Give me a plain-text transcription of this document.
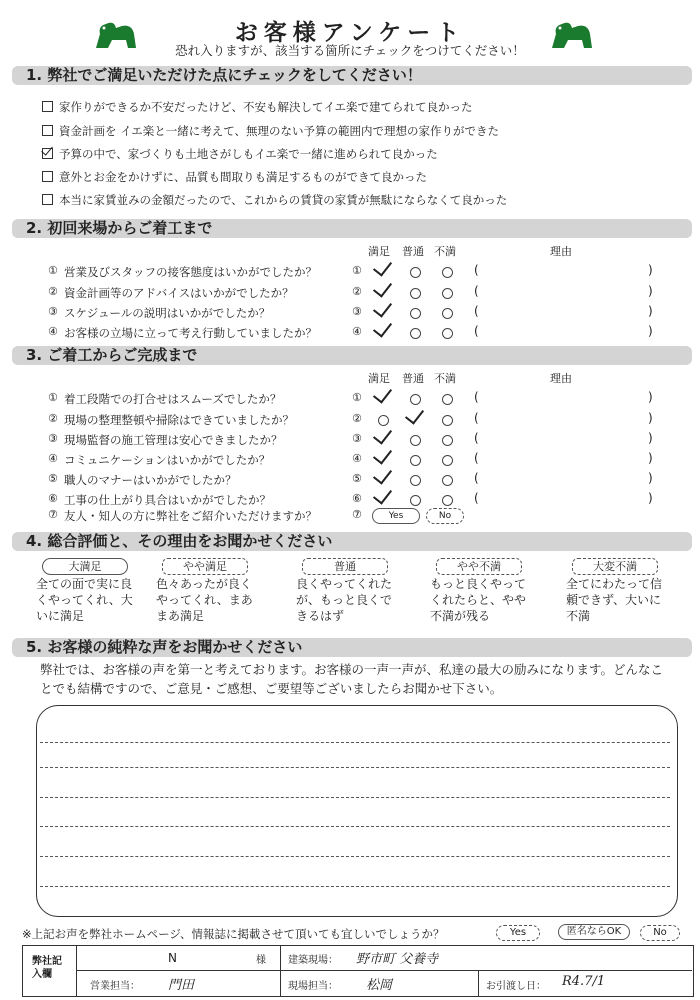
お客様アンケート
恐れ入りますが、該当する箇所にチェックをつけてください！
1. 弊社でご満足いただけた点にチェックをしてください！
家作りができるか不安だったけど、不安も解決してイエ楽で建てられて良かった
資金計画を イエ楽と一緒に考えて、無理のない予算の範囲内で理想の家作りができた
予算の中で、家づくりも土地さがしもイエ楽で一緒に進められて良かった
意外とお金をかけずに、品質も間取りも満足するものができて良かった
本当に家賃並みの金額だったので、これからの賃貸の家賃が無駄にならなくて良かった
2. 初回来場からご着工まで
満足 普通 不満	理由
① 営業及びスタッフの接客態度はいかがでしたか？	①	(	)
② 資金計画等のアドバイスはいかがでしたか？	②	(	)
③ スケジュールの説明はいかがでしたか？	③	(	)
④ お客様の立場に立って考え行動していましたか？	④	(	)
3. ご着工からご完成まで
満足 普通 不満	理由
① 着工段階での打合せはスムーズでしたか？	①	(	)
② 現場の整理整頓や掃除はできていましたか？	②	(	)
③ 現場監督の施工管理は安心できましたか？	③	(	)
④ コミュニケーションはいかがでしたか？	④	(	)
⑤ 職人のマナーはいかがでしたか？	⑤	(	)
⑥ 工事の仕上がり具合はいかがでしたか？	⑥	(	)
友人・知人の方に弊社をご紹介いただけますか？
⑦	⑦	Yes	No
4. 総合評価と、その理由をお聞かせください
大満足
全ての面で実に良くやってくれ、大いに満足
やや満足
色々あったが良くやってくれ、まあまあ満足
普通
良くやってくれたが、もっと良くできるはず
やや不満
もっと良くやってくれたらと、やや不満が残る
大変不満
全てにわたって信頼できず、大いに不満
5. お客様の純粋な声をお聞かせください
弊社では、お客様の声を第一と考えております。お客様の一声一声が、私達の最大の励みになります。どんなことでも結構ですので、ご意見・ご感想、ご要望等ございましたらお聞かせ下さい。
※上記お声を弊社ホームページ、情報誌に掲載させて頂いても宜しいでしょうか？	Yes	匿名ならOK	No
弊社記入欄
N	様 建築現場： 野市町 父養寺
営業担当： 門田	現場担当： 松岡	お引渡し日： R4.7/1
